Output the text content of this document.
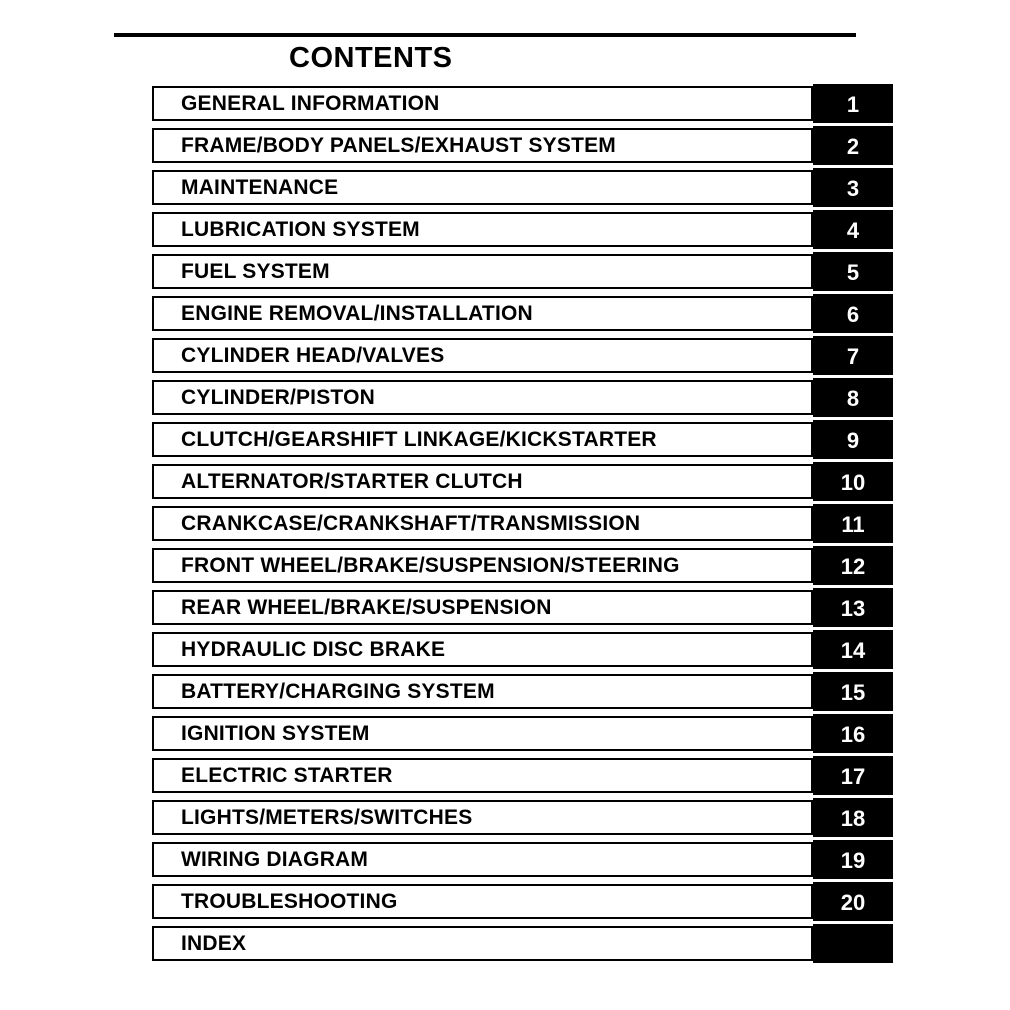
CONTENTS
GENERAL INFORMATION	1
FRAME/BODY PANELS/EXHAUST SYSTEM	2
MAINTENANCE	3
LUBRICATION SYSTEM	4
FUEL SYSTEM	5
ENGINE REMOVAL/INSTALLATION	6
CYLINDER HEAD/VALVES	7
CYLINDER/PISTON	8
CLUTCH/GEARSHIFT LINKAGE/KICKSTARTER	9
ALTERNATOR/STARTER CLUTCH	10
CRANKCASE/CRANKSHAFT/TRANSMISSION	11
FRONT WHEEL/BRAKE/SUSPENSION/STEERING	12
REAR WHEEL/BRAKE/SUSPENSION	13
HYDRAULIC DISC BRAKE	14
BATTERY/CHARGING SYSTEM	15
IGNITION SYSTEM	16
ELECTRIC STARTER	17
LIGHTS/METERS/SWITCHES	18
WIRING DIAGRAM	19
TROUBLESHOOTING	20
INDEX
